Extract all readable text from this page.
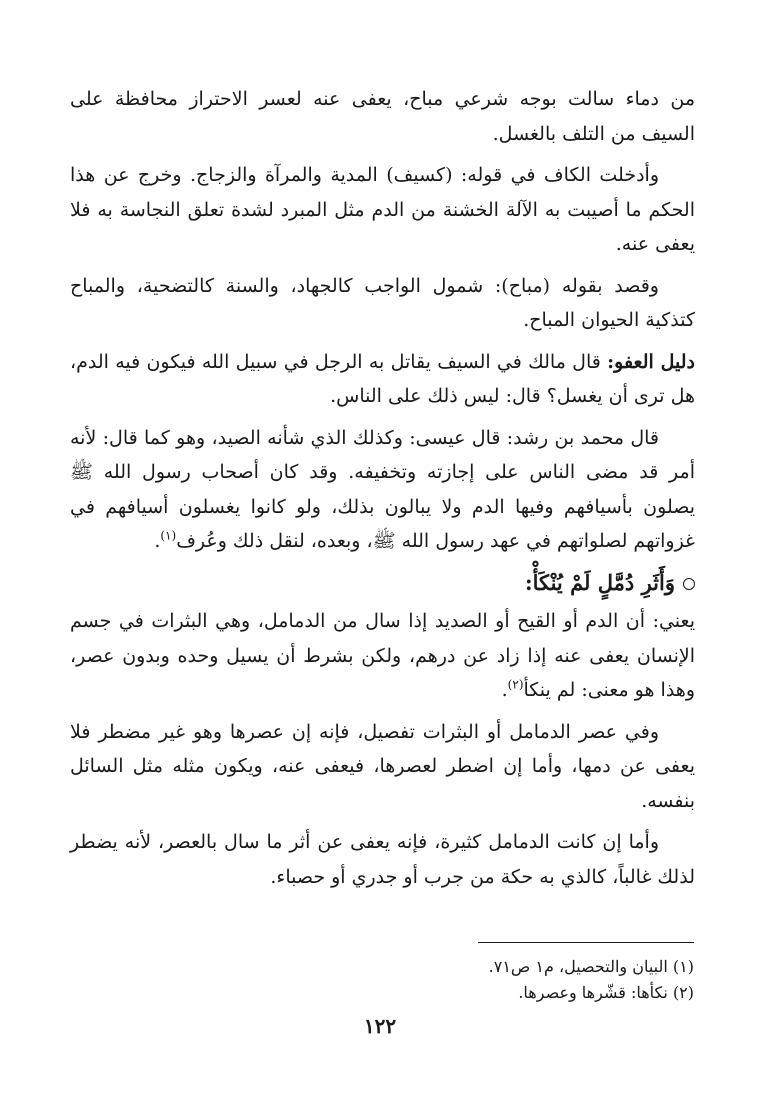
من دماء سالت بوجه شرعي مباح، يعفى عنه لعسر الاحتراز محافظة على السيف من التلف بالغسل.

وأدخلت الكاف في قوله: (كسيف) المدية والمرآة والزجاج. وخرج عن هذا الحكم ما أصيبت به الآلة الخشنة من الدم مثل المبرد لشدة تعلق النجاسة به فلا يعفى عنه.

وقصد بقوله (مباح): شمول الواجب كالجهاد، والسنة كالتضحية، والمباح كتذكية الحيوان المباح.

دليل العفو: قال مالك في السيف يقاتل به الرجل في سبيل الله فيكون فيه الدم، هل ترى أن يغسل؟ قال: ليس ذلك على الناس.

قال محمد بن رشد: قال عيسى: وكذلك الذي شأنه الصيد، وهو كما قال: لأنه أمر قد مضى الناس على إجازته وتخفيفه. وقد كان أصحاب رسول الله ﷺ يصلون بأسيافهم وفيها الدم ولا يبالون بذلك، ولو كانوا يغسلون أسيافهم في غزواتهم لصلواتهم في عهد رسول الله ﷺ، وبعده، لنقل ذلك وعُرف$^{(١)}$.

وَأَثَرِ دُمَّلٍ لَمْ يُنْكَأْ:

يعني: أن الدم أو القيح أو الصديد إذا سال من الدمامل، وهي البثرات في جسم الإنسان يعفى عنه إذا زاد عن درهم، ولكن بشرط أن يسيل وحده وبدون عصر، وهذا هو معنى: لم ينكأ$^{(٢)}$.

وفي عصر الدمامل أو البثرات تفصيل، فإنه إن عصرها وهو غير مضطر فلا يعفى عن دمها، وأما إن اضطر لعصرها، فيعفى عنه، ويكون مثله مثل السائل بنفسه.

وأما إن كانت الدمامل كثيرة، فإنه يعفى عن أثر ما سال بالعصر، لأنه يضطر لذلك غالباً، كالذي به حكة من جرب أو جدري أو حصباء.

(١) البيان والتحصيل، م١ ص٧١.
(٢) نكأها: قشّرها وعصرها.
١٢٢
